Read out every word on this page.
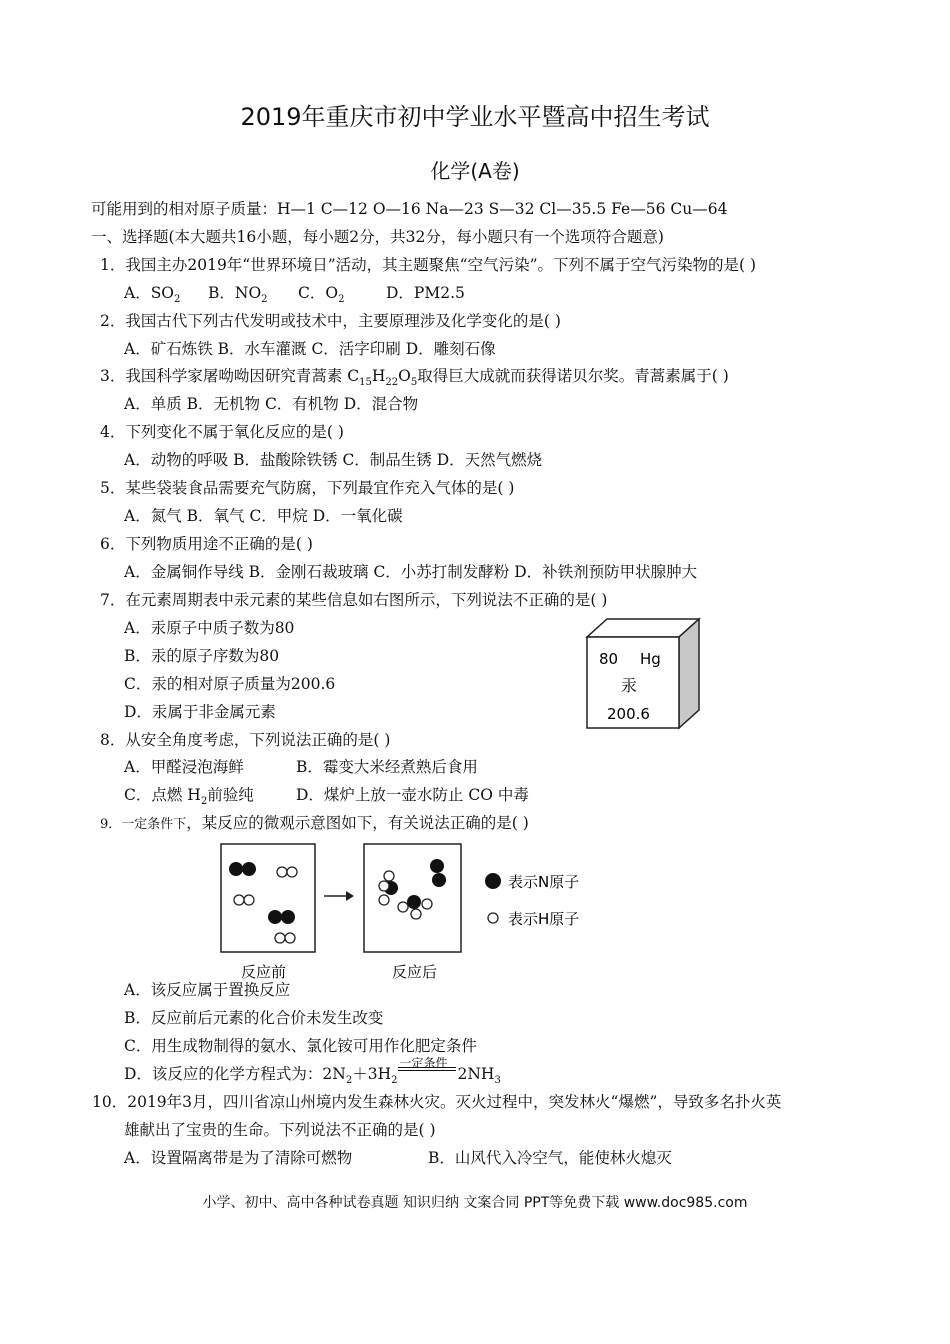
2019年重庆市初中学业水平暨高中招生考试
化学(A卷)
可能用到的相对原子质量：H—1 C—12 O—16 Na—23 S—32 Cl—35.5 Fe—56 Cu—64
一、选择题(本大题共16小题，每小题2分，共32分，每小题只有一个选项符合题意)
1．我国主办2019年“世界环境日”活动，其主题聚焦“空气污染”。下列不属于空气污染物的是( )
A．$SO_2$ B．$NO_2$ C．$O_2$	D．PM2.5
2．我国古代下列古代发明或技术中，主要原理涉及化学变化的是( )
A．矿石炼铁 B．水车灌溉 C．活字印刷 D．雕刻石像
3．我国科学家屠呦呦因研究青蒿素 $C_{15}H_{22}O_5$取得巨大成就而获得诺贝尔奖。青蒿素属于( )
A．单质 B．无机物 C．有机物 D．混合物
4．下列变化不属于氧化反应的是( )
A．动物的呼吸 B．盐酸除铁锈 C．制品生锈 D．天然气燃烧
5．某些袋装食品需要充气防腐，下列最宜作充入气体的是( )
A．氮气 B．氧气 C．甲烷 D．一氧化碳
6．下列物质用途不正确的是( )
A．金属铜作导线 B．金刚石裁玻璃 C．小苏打制发酵粉 D．补铁剂预防甲状腺肿大
7．在元素周期表中汞元素的某些信息如右图所示，下列说法不正确的是( )
A．汞原子中质子数为80
B．汞的原子序数为80
C．汞的相对原子质量为200.6
D．汞属于非金属元素
80 Hg
汞
200.6
8．从安全角度考虑，下列说法正确的是( )
A．甲醛浸泡海鲜	B．霉变大米经煮熟后食用
C．点燃 $H_2$前验纯	D．煤炉上放一壶水防止 CO 中毒
9．一定条件下，某反应的微观示意图如下，有关说法正确的是( )
表示N原子
表示H原子
反应前	反应后
A．该反应属于置换反应
B．反应前后元素的化合价未发生改变
C．用生成物制得的氨水、氯化铵可用作化肥定条件
D．该反应的化学方程式为：$2N_2+3H_2$
一定条件
$2NH_3$
10．2019年3月，四川省凉山州境内发生森林火灾。灭火过程中，突发林火“爆燃”，导致多名扑火英
雄献出了宝贵的生命。下列说法不正确的是( )
A．设置隔离带是为了清除可燃物	B．山风代入冷空气，能使林火熄灭
小学、初中、高中各种试卷真题 知识归纳 文案合同 PPT等免费下载 www.doc985.com
